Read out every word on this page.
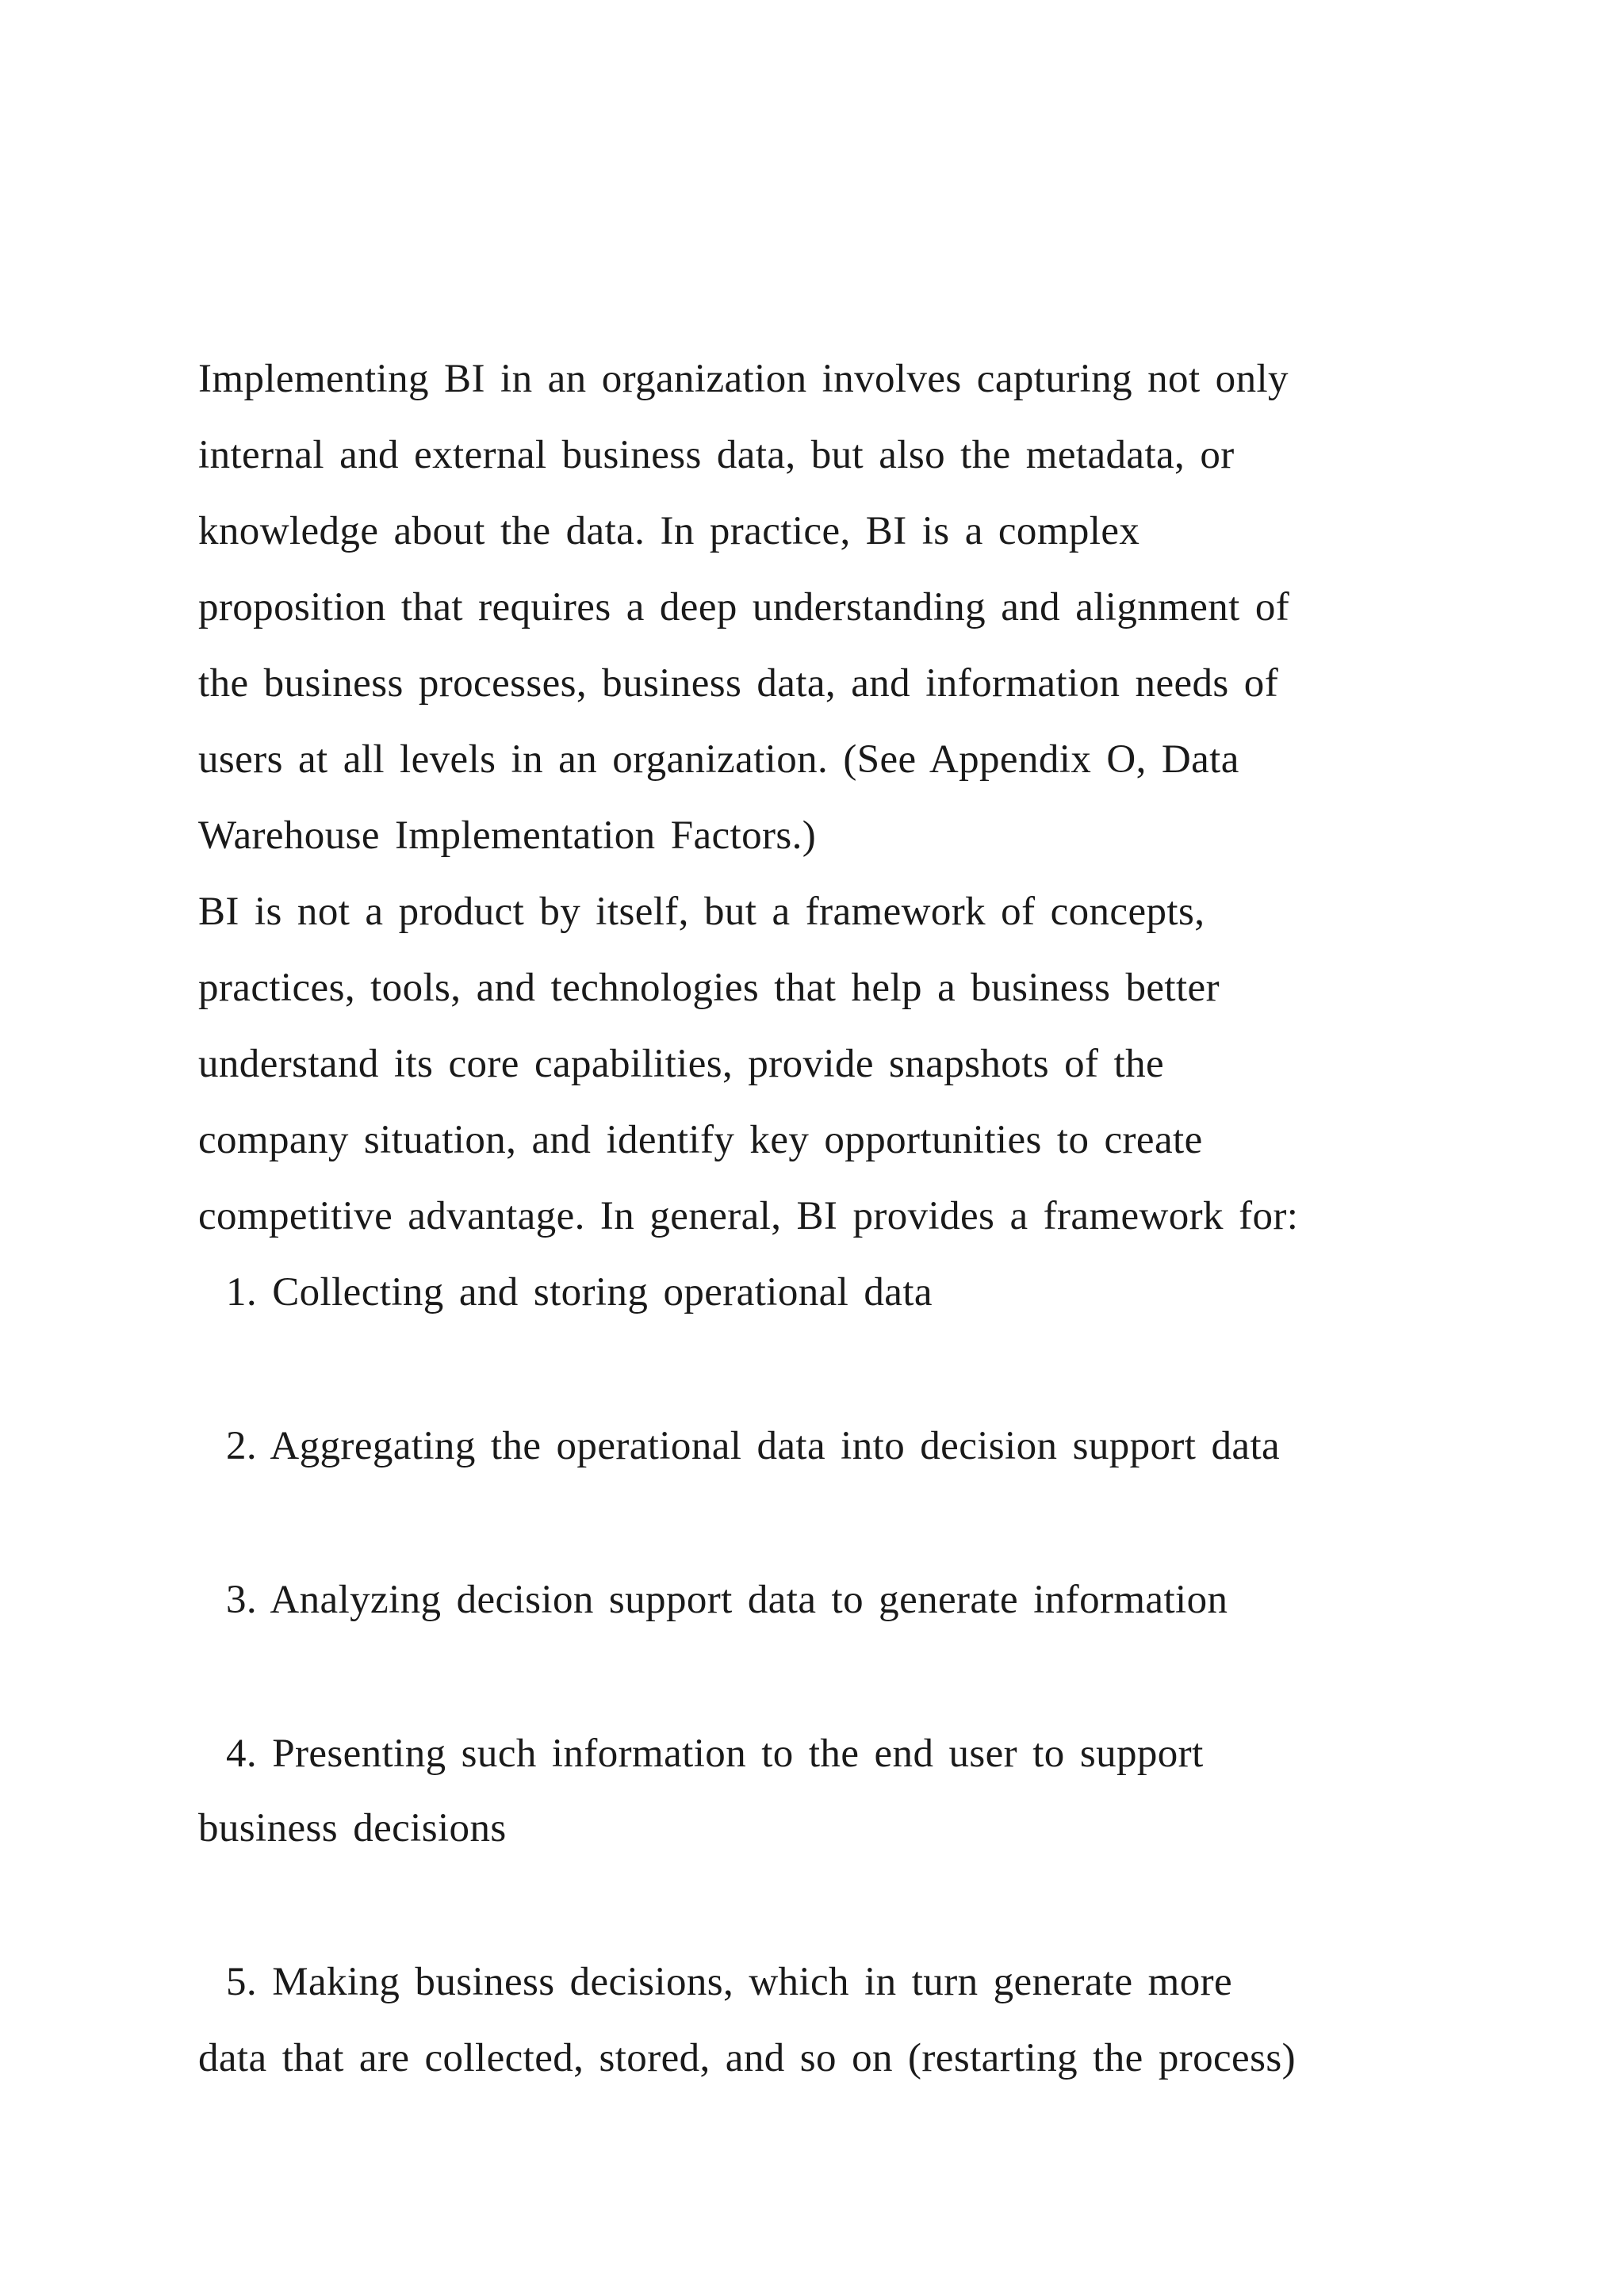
Implementing BI in an organization involves capturing not only
internal and external business data, but also the metadata, or
knowledge about the data. In practice, BI is a complex
proposition that requires a deep understanding and alignment of
the business processes, business data, and information needs of
users at all levels in an organization. (See Appendix O, Data
Warehouse Implementation Factors.)
BI is not a product by itself, but a framework of concepts,
practices, tools, and technologies that help a business better
understand its core capabilities, provide snapshots of the
company situation, and identify key opportunities to create
competitive advantage. In general, BI provides a framework for:
1. Collecting and storing operational data
2. Aggregating the operational data into decision support data
3. Analyzing decision support data to generate information
4. Presenting such information to the end user to support
business decisions
5. Making business decisions, which in turn generate more
data that are collected, stored, and so on (restarting the process)
